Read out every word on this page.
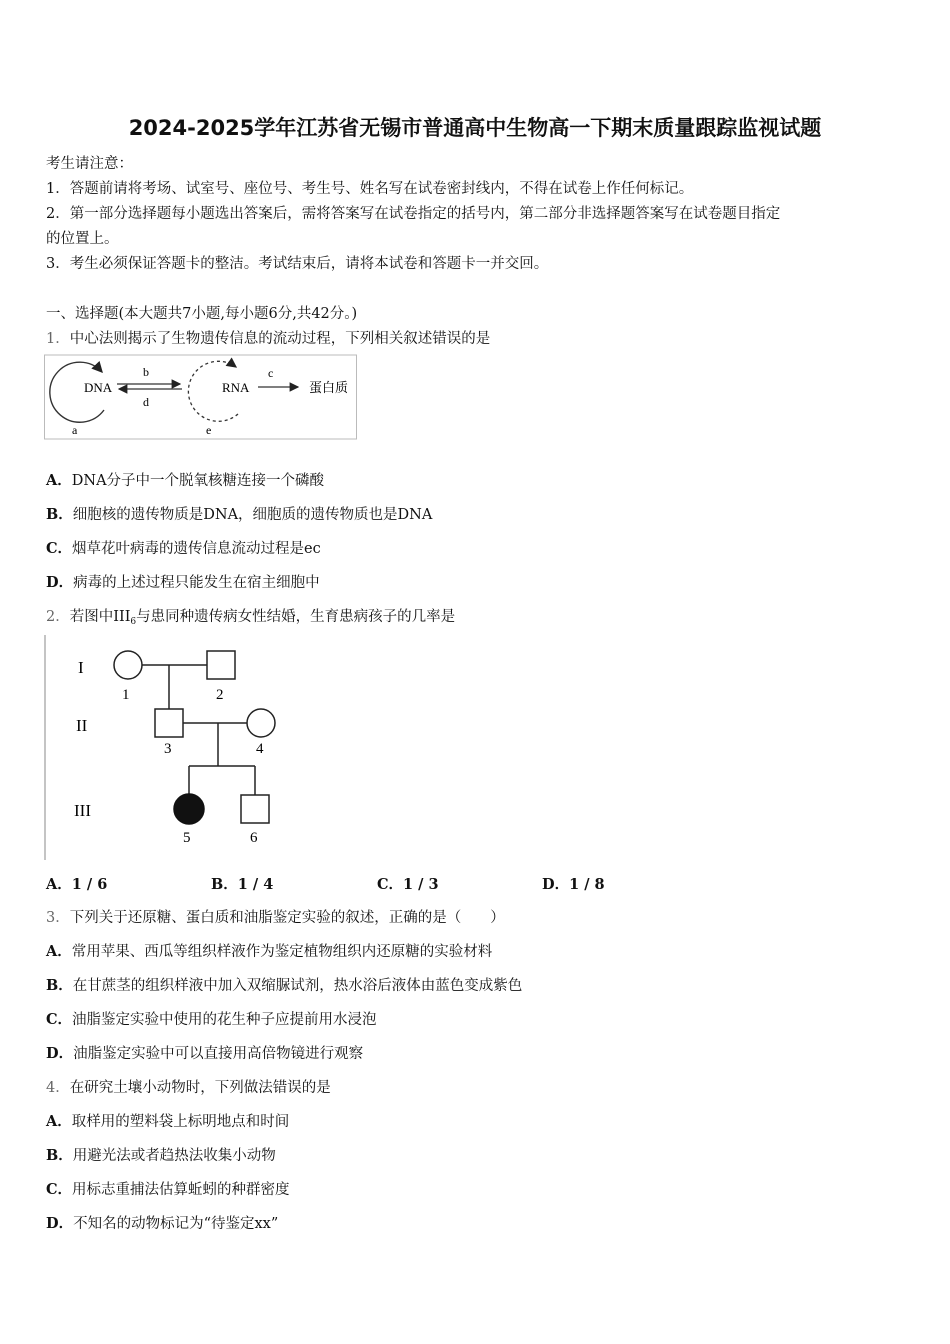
2024-2025学年江苏省无锡市普通高中生物高一下期末质量跟踪监视试题
考生请注意：
1．答题前请将考场、试室号、座位号、考生号、姓名写在试卷密封线内，不得在试卷上作任何标记。
2．第一部分选择题每小题选出答案后，需将答案写在试卷指定的括号内，第二部分非选择题答案写在试卷题目指定
的位置上。
3．考生必须保证答题卡的整洁。考试结束后，请将本试卷和答题卡一并交回。
一、选择题(本大题共7小题,每小题6分,共42分。)
1．中心法则揭示了生物遗传信息的流动过程，下列相关叙述错误的是
DNA
b
d
RNA
c
蛋白质
a	e
A．DNA分子中一个脱氧核糖连接一个磷酸
B．细胞核的遗传物质是DNA，细胞质的遗传物质也是DNA
C．烟草花叶病毒的遗传信息流动过程是ec
D．病毒的上述过程只能发生在宿主细胞中
2．若图中$III_6$与患同种遗传病女性结婚，生育患病孩子的几率是
I
II
III
1	2
3	4
5	6
A．1 / 6	B．1 / 4	C．1 / 3	D．1 / 8
3．下列关于还原糖、蛋白质和油脂鉴定实验的叙述，正确的是（　　）
A．常用苹果、西瓜等组织样液作为鉴定植物组织内还原糖的实验材料
B．在甘蔗茎的组织样液中加入双缩脲试剂，热水浴后液体由蓝色变成紫色
C．油脂鉴定实验中使用的花生种子应提前用水浸泡
D．油脂鉴定实验中可以直接用高倍物镜进行观察
4．在研究土壤小动物时，下列做法错误的是
A．取样用的塑料袋上标明地点和时间
B．用避光法或者趋热法收集小动物
C．用标志重捕法估算蚯蚓的种群密度
D．不知名的动物标记为“待鉴定xx”
